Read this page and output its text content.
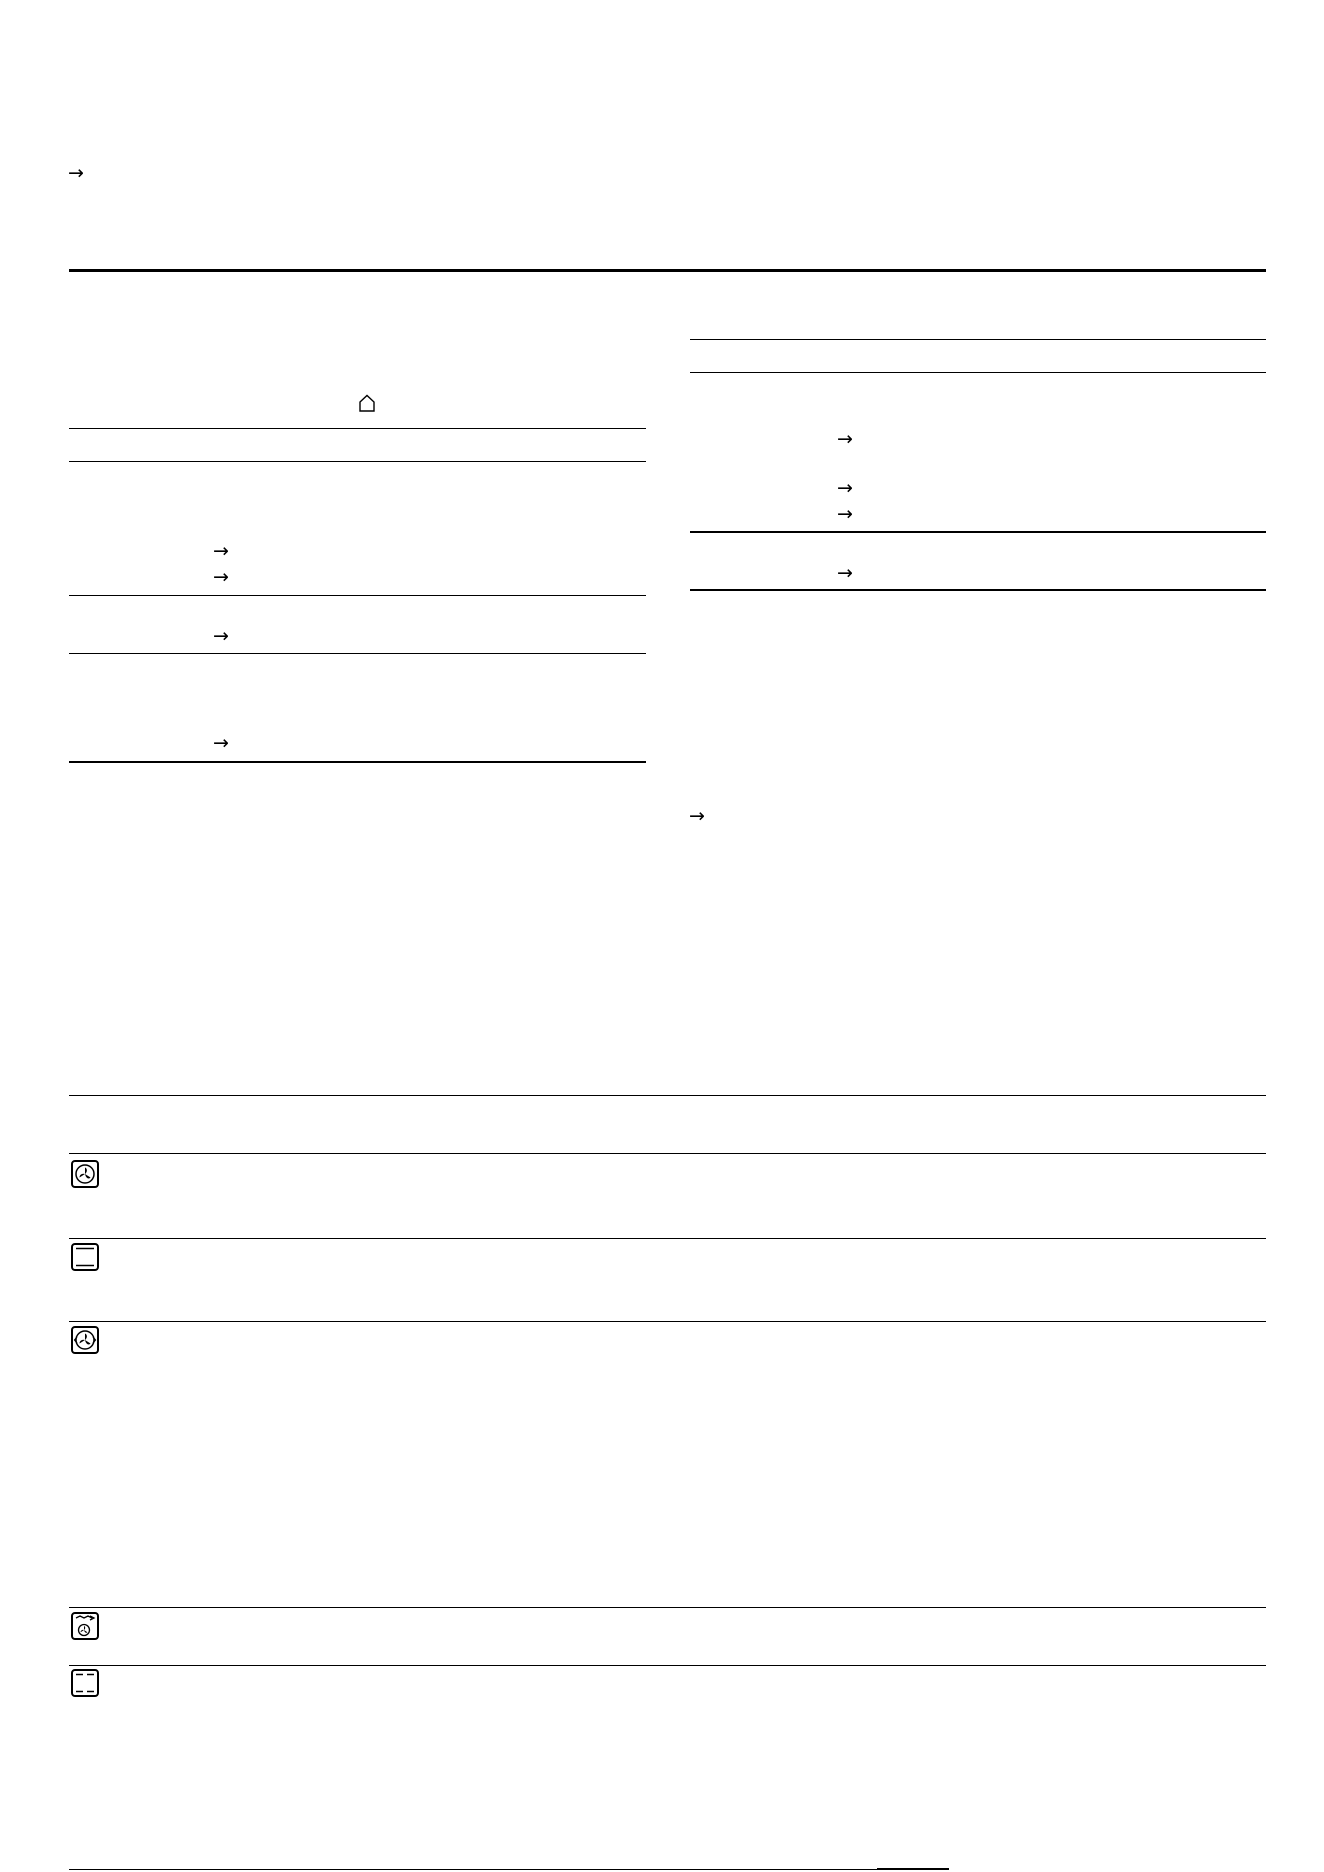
→
→
→
→
→
→
→
→
→
→
